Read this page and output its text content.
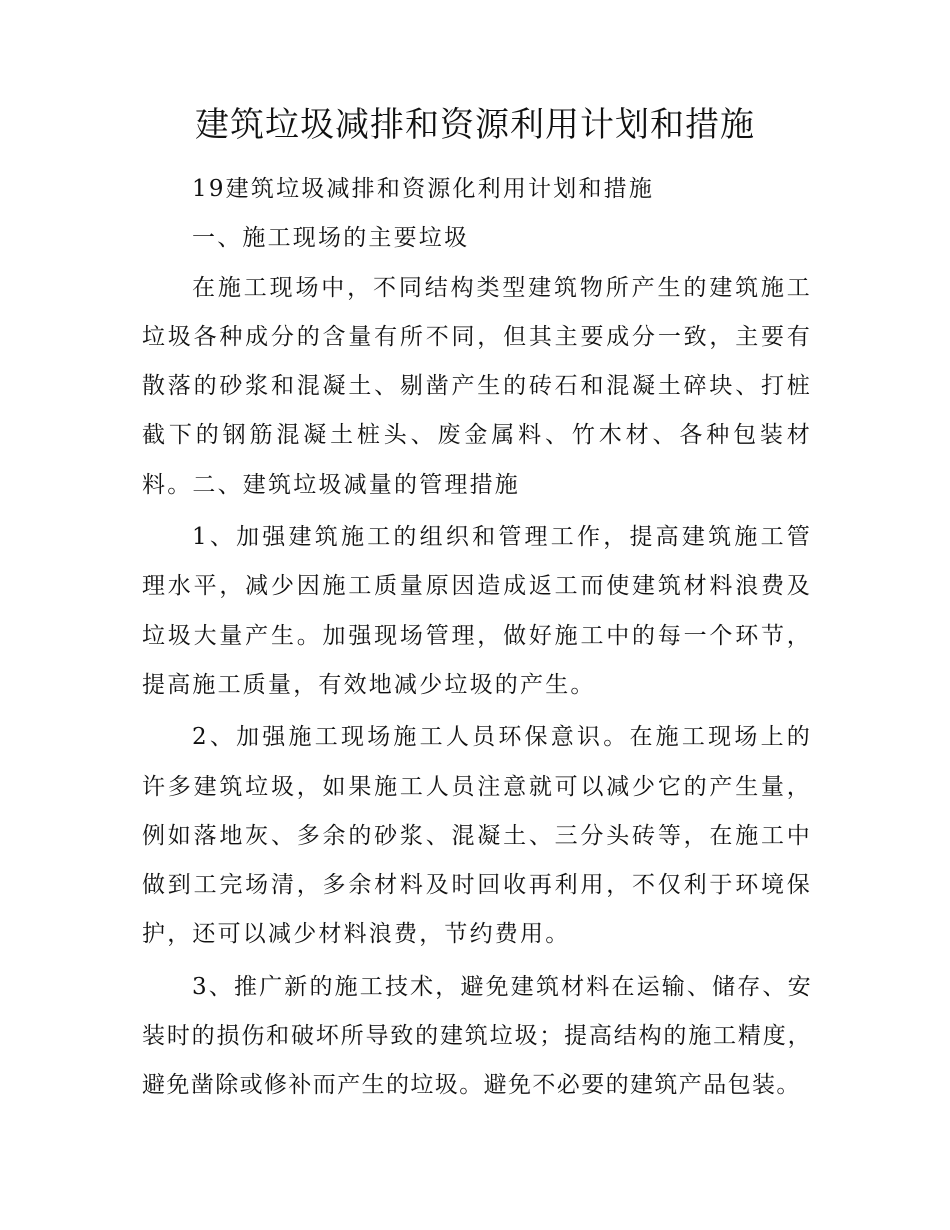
建筑垃圾减排和资源利用计划和措施

19建筑垃圾减排和资源化利用计划和措施

一、施工现场的主要垃圾

在施工现场中，不同结构类型建筑物所产生的建筑施工垃圾各种成分的含量有所不同，但其主要成分一致，主要有散落的砂浆和混凝土、剔凿产生的砖石和混凝土碎块、打桩截下的钢筋混凝土桩头、废金属料、竹木材、各种包装材料。二、建筑垃圾减量的管理措施

1、加强建筑施工的组织和管理工作，提高建筑施工管理水平，减少因施工质量原因造成返工而使建筑材料浪费及垃圾大量产生。加强现场管理，做好施工中的每一个环节，提高施工质量，有效地减少垃圾的产生。

2、加强施工现场施工人员环保意识。在施工现场上的许多建筑垃圾，如果施工人员注意就可以减少它的产生量，例如落地灰、多余的砂浆、混凝土、三分头砖等，在施工中做到工完场清，多余材料及时回收再利用，不仅利于环境保护，还可以减少材料浪费，节约费用。

3、推广新的施工技术，避免建筑材料在运输、储存、安装时的损伤和破坏所导致的建筑垃圾；提高结构的施工精度，避免凿除或修补而产生的垃圾。避免不必要的建筑产品包装。
